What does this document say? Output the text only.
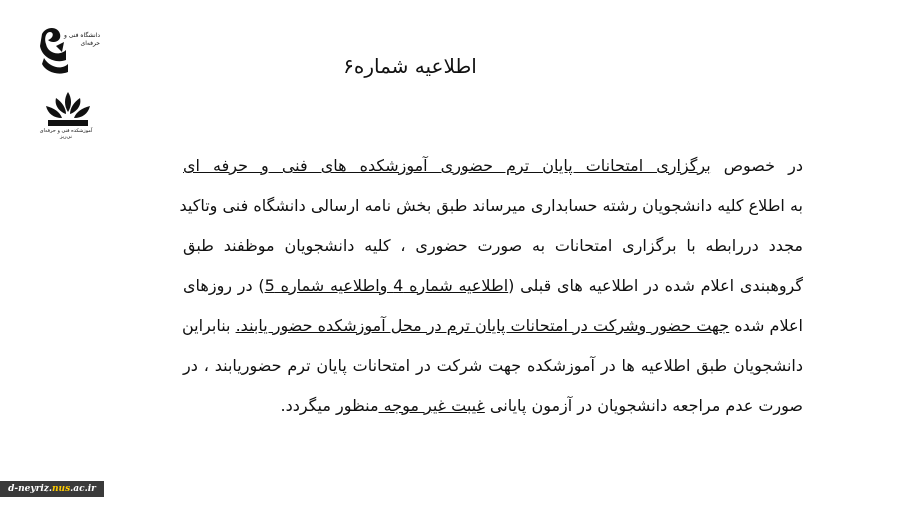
دانشگاه فنی و حرفه‌ای
آموزشکده فنی و حرفه‌ای نی‌ریز
اطلاعیه شماره۶
در خصوص برگزاری امتحانات پایان ترم حضوری آموزشکده های فنی و حرفه ای
به اطلاع کلیه دانشجویان رشته حسابداری میرساند طبق بخش نامه ارسالی دانشگاه فنی وتاکید
مجدد دررابطه با برگزاری امتحانات به صورت حضوری ، کلیه دانشجویان موظفند طبق
گروهبندی اعلام شده در اطلاعیه های قبلی (اطلاعیه شماره 4 واطلاعیه شماره 5) در روزهای
اعلام شده جهت حضور وشرکت در امتحانات پایان ترم در محل آموزشکده حضور یابند. بنابراین
دانشجویان طبق اطلاعیه ها در آموزشکده جهت شرکت در امتحانات پایان ترم حضوریابند ، در
صورت عدم مراجعه دانشجویان در آزمون پایانی غیبت غیر موجه منظور میگردد.
d-neyriz.nus.ac.ir
